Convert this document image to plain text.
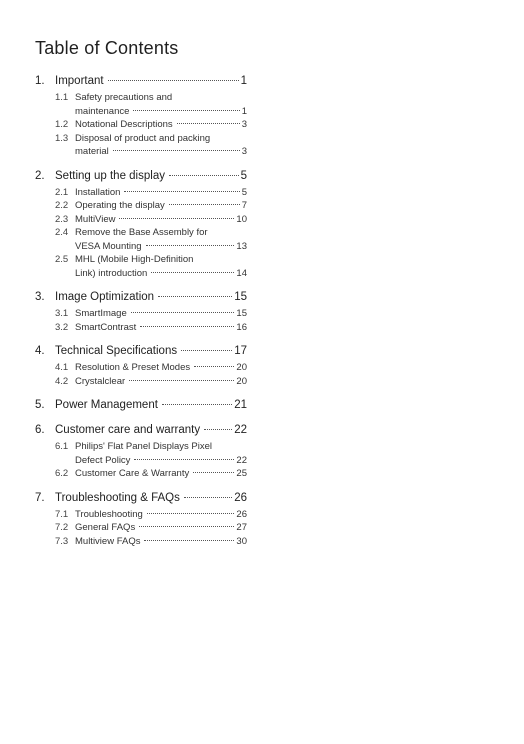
Table of Contents
1. Important	1
1.1 Safety precautions and
maintenance	1
1.2 Notational Descriptions	3
1.3 Disposal of product and packing
material	3
2. Setting up the display	5
2.1 Installation	5
2.2 Operating the display	7
2.3 MultiView	10
2.4 Remove the Base Assembly for
VESA Mounting	13
2.5 MHL (Mobile High-Definition
Link) introduction	14
3. Image Optimization	15
3.1 SmartImage	15
3.2 SmartContrast	16
4. Technical Specifications	17
4.1 Resolution & Preset Modes	20
4.2 Crystalclear	20
5. Power Management	21
6. Customer care and warranty	22
6.1 Philips' Flat Panel Displays Pixel
Defect Policy	22
6.2 Customer Care & Warranty	25
7. Troubleshooting & FAQs	26
7.1 Troubleshooting	26
7.2 General FAQs	27
7.3 Multiview FAQs	30
